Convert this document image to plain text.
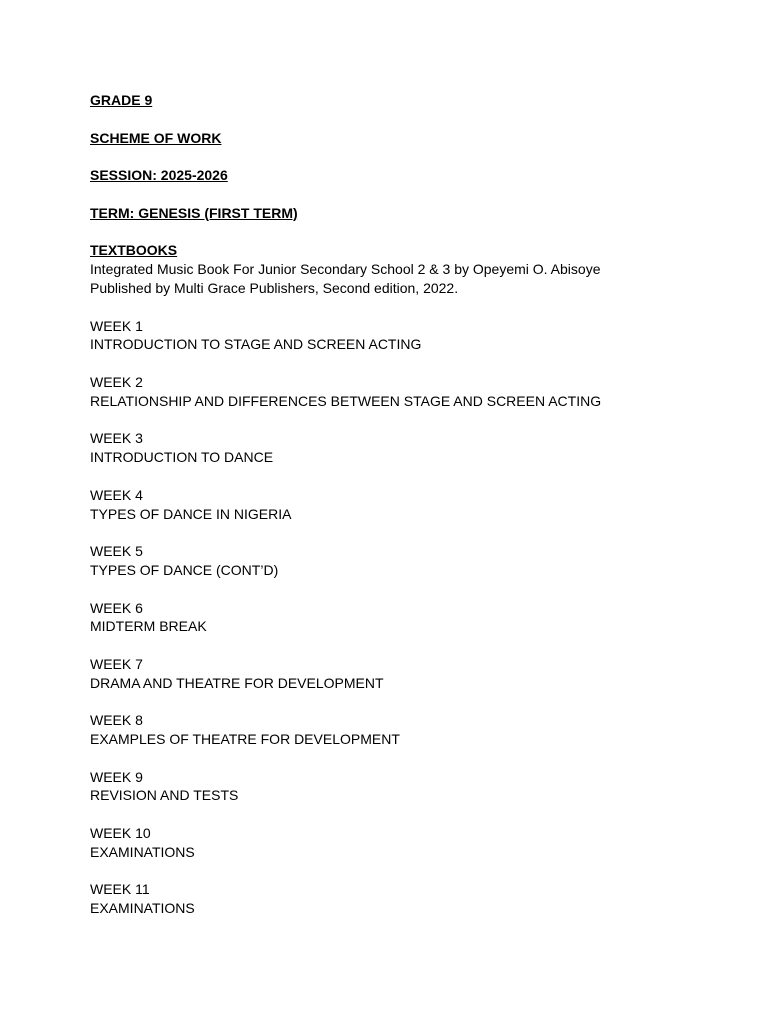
GRADE 9

SCHEME OF WORK

SESSION: 2025-2026

TERM: GENESIS (FIRST TERM)

TEXTBOOKS

Integrated Music Book For Junior Secondary School 2 & 3 by Opeyemi O. Abisoye

Published by Multi Grace Publishers, Second edition, 2022.

WEEK 1

INTRODUCTION TO STAGE AND SCREEN ACTING

WEEK 2

RELATIONSHIP AND DIFFERENCES BETWEEN STAGE AND SCREEN ACTING

WEEK 3

INTRODUCTION TO DANCE

WEEK 4

TYPES OF DANCE IN NIGERIA

WEEK 5

TYPES OF DANCE (CONT’D)

WEEK 6

MIDTERM BREAK

WEEK 7

DRAMA AND THEATRE FOR DEVELOPMENT

WEEK 8

EXAMPLES OF THEATRE FOR DEVELOPMENT

WEEK 9

REVISION AND TESTS

WEEK 10

EXAMINATIONS

WEEK 11

EXAMINATIONS
